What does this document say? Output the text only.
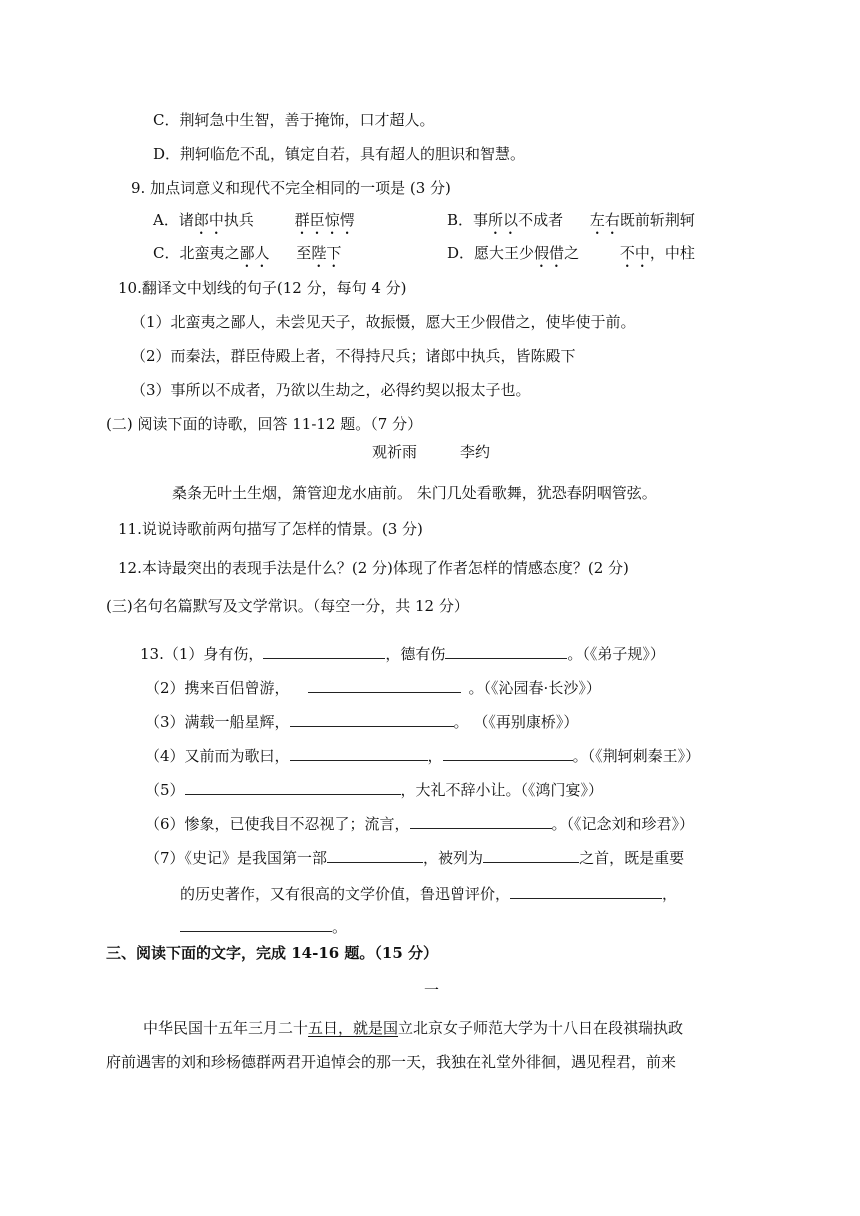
C．荆轲急中生智，善于掩饰，口才超人。
D．荆轲临危不乱，镇定自若，具有超人的胆识和智慧。
9. 加点词意义和现代不完全相同的一项是 (3 分)
A．诸郎中执兵	群臣惊愕	B．事所以不成者 左右既前斩荆轲
C．北蛮夷之鄙人 至陛下	D．愿大王少假借之	不中，中柱
10.翻译文中划线的句子(12 分，每句 4 分)
（1）北蛮夷之鄙人，未尝见天子，故振慑，愿大王少假借之，使毕使于前。
（2）而秦法，群臣侍殿上者，不得持尺兵；诸郎中执兵，皆陈殿下
（3）事所以不成者，乃欲以生劫之，必得约契以报太子也。
(二) 阅读下面的诗歌，回答 11-12 题。（7 分）
观祈雨	李约
桑条无叶土生烟，箫管迎龙水庙前。 朱门几处看歌舞，犹恐春阴咽管弦。
11.说说诗歌前两句描写了怎样的情景。(3 分)
12.本诗最突出的表现手法是什么？(2 分)体现了作者怎样的情感态度？(2 分)
(三)名句名篇默写及文学常识。（每空一分，共 12 分）
13.（1）身有伤，	，德有伤	。（《弟子规》）
（2）携来百侣曾游，	。（《沁园春·长沙》）
（3）满载一船星辉，	。 （《再别康桥》）
（4）又前而为歌曰，	，	。（《荆轲刺秦王》）
（5）	，大礼不辞小让。（《鸿门宴》）
（6）惨象，已使我目不忍视了；流言，	。（《记念刘和珍君》）
（7）《史记》是我国第一部	，被列为	之首，既是重要
的历史著作，又有很高的文学价值，鲁迅曾评价，	，
。
三、阅读下面的文字，完成 14-16 题。（15 分）
一
中华民国十五年三月二十五日，就是国立北京女子师范大学为十八日在段祺瑞执政
府前遇害的刘和珍杨德群两君开追悼会的那一天，我独在礼堂外徘徊，遇见程君，前来
